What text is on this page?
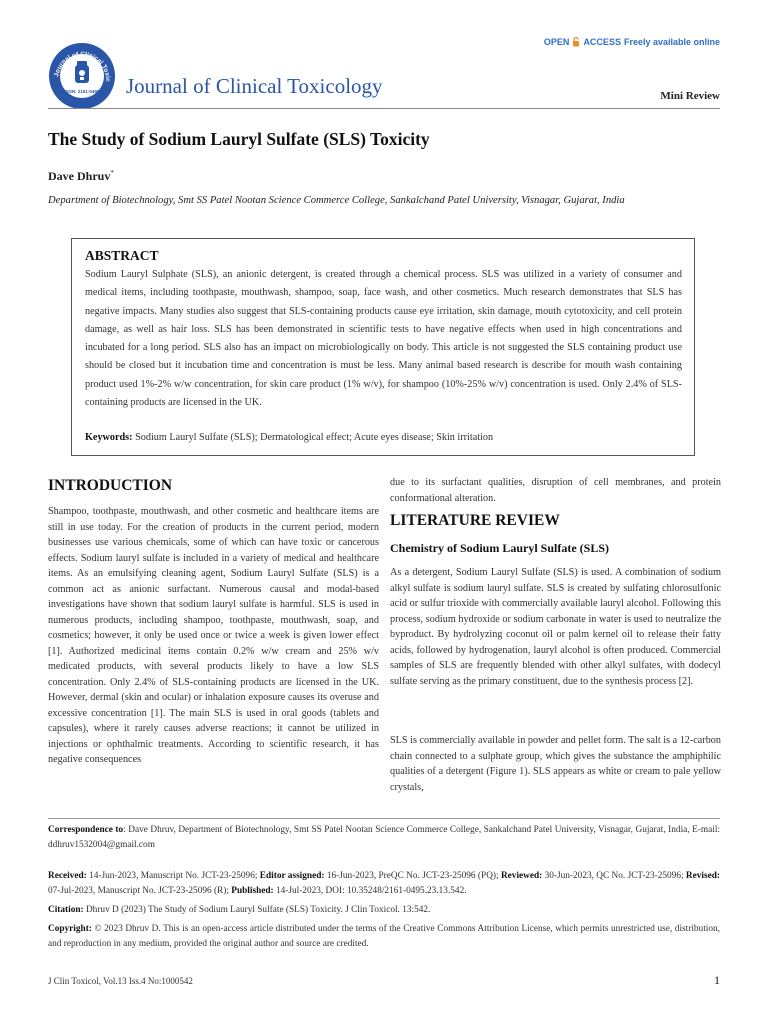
Journal of Clinical Toxic
ISSN: 2161-0495 Journal of Clinical Toxicology
OPEN ACCESS Freely available online
Mini Review
The Study of Sodium Lauryl Sulfate (SLS) Toxicity
Dave Dhruv*
Department of Biotechnology, Smt SS Patel Nootan Science Commerce College, Sankalchand Patel University, Visnagar, Gujarat, India
ABSTRACT
Sodium Lauryl Sulphate (SLS), an anionic detergent, is created through a chemical process. SLS was utilized in a variety of consumer and medical items, including toothpaste, mouthwash, shampoo, soap, face wash, and other cosmetics. Much research demonstrates that SLS has negative impacts. Many studies also suggest that SLS-containing products cause eye irritation, skin damage, mouth cytotoxicity, and cell protein damage, as well as hair loss. SLS has been demonstrated in scientific tests to have negative effects when used in high concentrations and incubated for a long period. SLS also has an impact on microbiologically on body. This article is not suggested the SLS containing product use should be closed but it incubation time and concentration is must be less. Many animal based research is describe for mouth wash containing product used 1%-2% w/w concentration, for skin care product (1% w/v), for shampoo (10%-25% w/v) concentration is used. Only 2.4% of SLS-containing products are licensed in the UK.
Keywords: Sodium Lauryl Sulfate (SLS); Dermatological effect; Acute eyes disease; Skin irritation
INTRODUCTION
Shampoo, toothpaste, mouthwash, and other cosmetic and healthcare items are still in use today. For the creation of products in the current period, modern businesses use various chemicals, some of which can have toxic or cancerous effects. Sodium lauryl sulfate is included in a variety of medical and healthcare items. As an emulsifying cleaning agent, Sodium Lauryl Sulfate (SLS) is a common act as anionic surfactant. Numerous causal and modal-based investigations have shown that sodium lauryl sulfate is harmful. SLS is used in numerous products, including shampoo, toothpaste, mouthwash, soap, and cosmetics; however, it only be used once or twice a week is given lower effect [1]. Authorized medicinal items contain 0.2% w/w cream and 25% w/v medicated products, with several products likely to have a low SLS concentration. Only 2.4% of SLS-containing products are licensed in the UK. However, dermal (skin and ocular) or inhalation exposure causes its overuse and excessive concentration [1]. The main SLS is used in oral goods (tablets and capsules), where it rarely causes adverse reactions; it cannot be utilized in injections or ophthalmic treatments. According to scientific research, it has negative consequences
due to its surfactant qualities, disruption of cell membranes, and protein conformational alteration.
LITERATURE REVIEW
Chemistry of Sodium Lauryl Sulfate (SLS)
As a detergent, Sodium Lauryl Sulfate (SLS) is used. A combination of sodium alkyl sulfate is sodium lauryl sulfate. SLS is created by sulfating chlorosulfonic acid or sulfur trioxide with commercially available lauryl alcohol. Following this process, sodium hydroxide or sodium carbonate in water is used to neutralize the byproduct. By hydrolyzing coconut oil or palm kernel oil to release their fatty acids, followed by hydrogenation, lauryl alcohol is often produced. Commercial samples of SLS are frequently blended with other alkyl sulfates, with dodecyl sulfate serving as the primary constituent, due to the synthesis process [2].
SLS is commercially available in powder and pellet form. The salt is a 12-carbon chain connected to a sulphate group, which gives the substance the amphiphilic qualities of a detergent (Figure 1). SLS appears as white or cream to pale yellow crystals,
Correspondence to: Dave Dhruv, Department of Biotechnology, Smt SS Patel Nootan Science Commerce College, Sankalchand Patel University, Visnagar, Gujarat, India, E-mail: ddhruv1532004@gmail.com
Received: 14-Jun-2023, Manuscript No. JCT-23-25096; Editor assigned: 16-Jun-2023, PreQC No. JCT-23-25096 (PQ); Reviewed: 30-Jun-2023, QC No. JCT-23-25096; Revised: 07-Jul-2023, Manuscript No. JCT-23-25096 (R); Published: 14-Jul-2023, DOI: 10.35248/2161-0495.23.13.542.
Citation: Dhruv D (2023) The Study of Sodium Lauryl Sulfate (SLS) Toxicity. J Clin Toxicol. 13:542.
Copyright: © 2023 Dhruv D. This is an open-access article distributed under the terms of the Creative Commons Attribution License, which permits unrestricted use, distribution, and reproduction in any medium, provided the original author and source are credited.
J Clin Toxicol, Vol.13 Iss.4 No:1000542	1
